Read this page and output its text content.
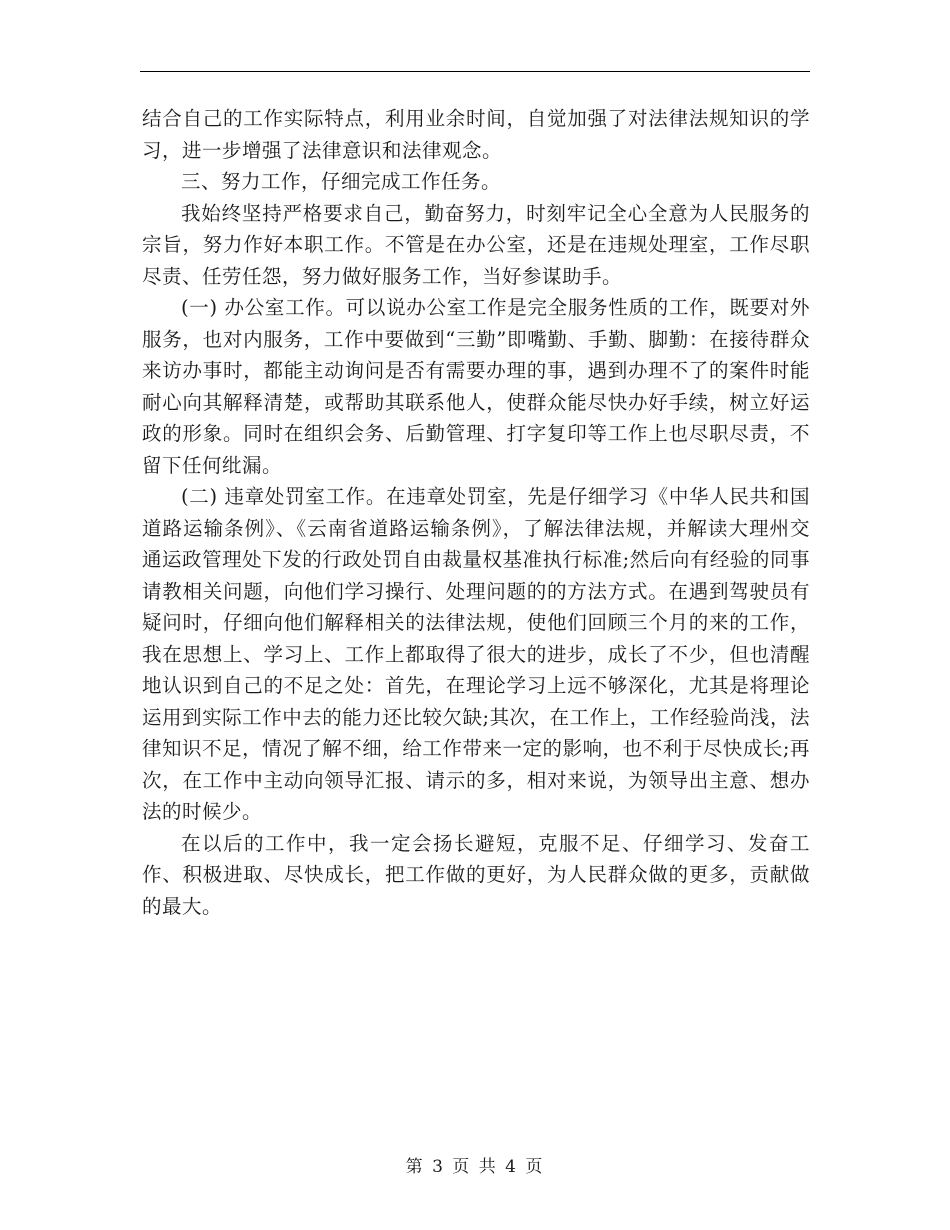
结合自己的工作实际特点，利用业余时间，自觉加强了对法律法规知识的学习，进一步增强了法律意识和法律观念。

三、努力工作，仔细完成工作任务。

我始终坚持严格要求自己，勤奋努力，时刻牢记全心全意为人民服务的宗旨，努力作好本职工作。不管是在办公室，还是在违规处理室，工作尽职尽责、任劳任怨，努力做好服务工作，当好参谋助手。

(一) 办公室工作。可以说办公室工作是完全服务性质的工作，既要对外服务，也对内服务，工作中要做到“三勤”即嘴勤、手勤、脚勤：在接待群众来访办事时，都能主动询问是否有需要办理的事，遇到办理不了的案件时能耐心向其解释清楚，或帮助其联系他人，使群众能尽快办好手续，树立好运政的形象。同时在组织会务、后勤管理、打字复印等工作上也尽职尽责，不留下任何纰漏。

(二) 违章处罚室工作。在违章处罚室，先是仔细学习《中华人民共和国道路运输条例》、《云南省道路运输条例》，了解法律法规，并解读大理州交通运政管理处下发的行政处罚自由裁量权基准执行标准;然后向有经验的同事请教相关问题，向他们学习操行、处理问题的的方法方式。在遇到驾驶员有疑问时，仔细向他们解释相关的法律法规，使他们回顾三个月的来的工作，我在思想上、学习上、工作上都取得了很大的进步，成长了不少，但也清醒地认识到自己的不足之处：首先，在理论学习上远不够深化，尤其是将理论运用到实际工作中去的能力还比较欠缺;其次，在工作上，工作经验尚浅，法律知识不足，情况了解不细，给工作带来一定的影响，也不利于尽快成长;再次，在工作中主动向领导汇报、请示的多，相对来说，为领导出主意、想办法的时候少。

在以后的工作中，我一定会扬长避短，克服不足、仔细学习、发奋工作、积极进取、尽快成长，把工作做的更好，为人民群众做的更多，贡献做的最大。

第 3 页 共 4 页
